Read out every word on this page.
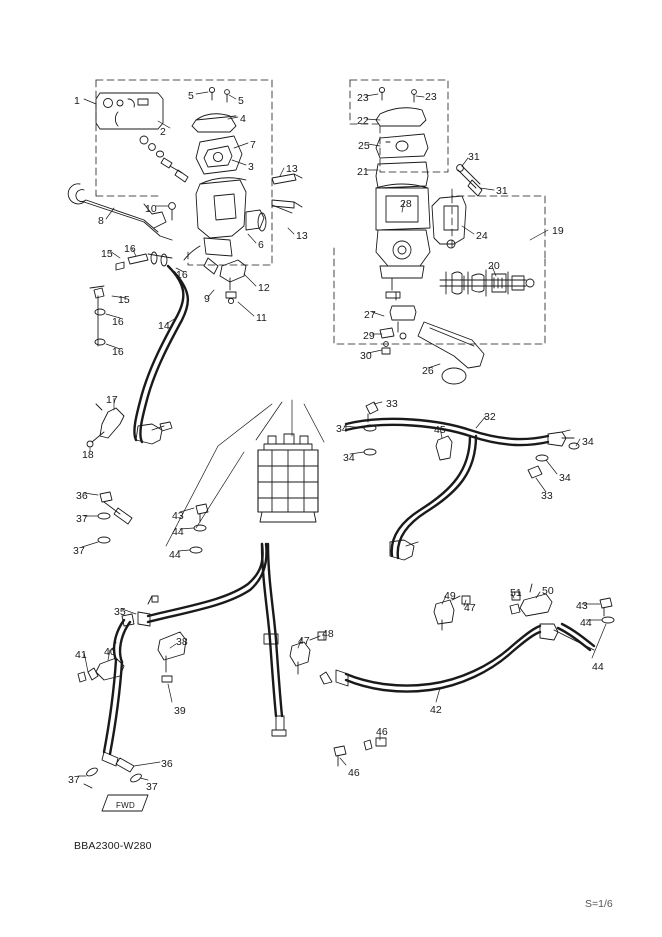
1	5	5
4
2
7
3	13
13
8
10
6
15 16
16
9
12
11
15
16
16
14
17
18
23	23
22
25
21
28
31
31
19
24
20
27
29
30
26
33
34
34
45
32
34
34
33
36
37
37
43
44
44
35
38
41 40
39
47
48
49
47
51 50
43
44
44
42
46
46
36
37
37
FWD
BBA2300-W280
S=1/6
